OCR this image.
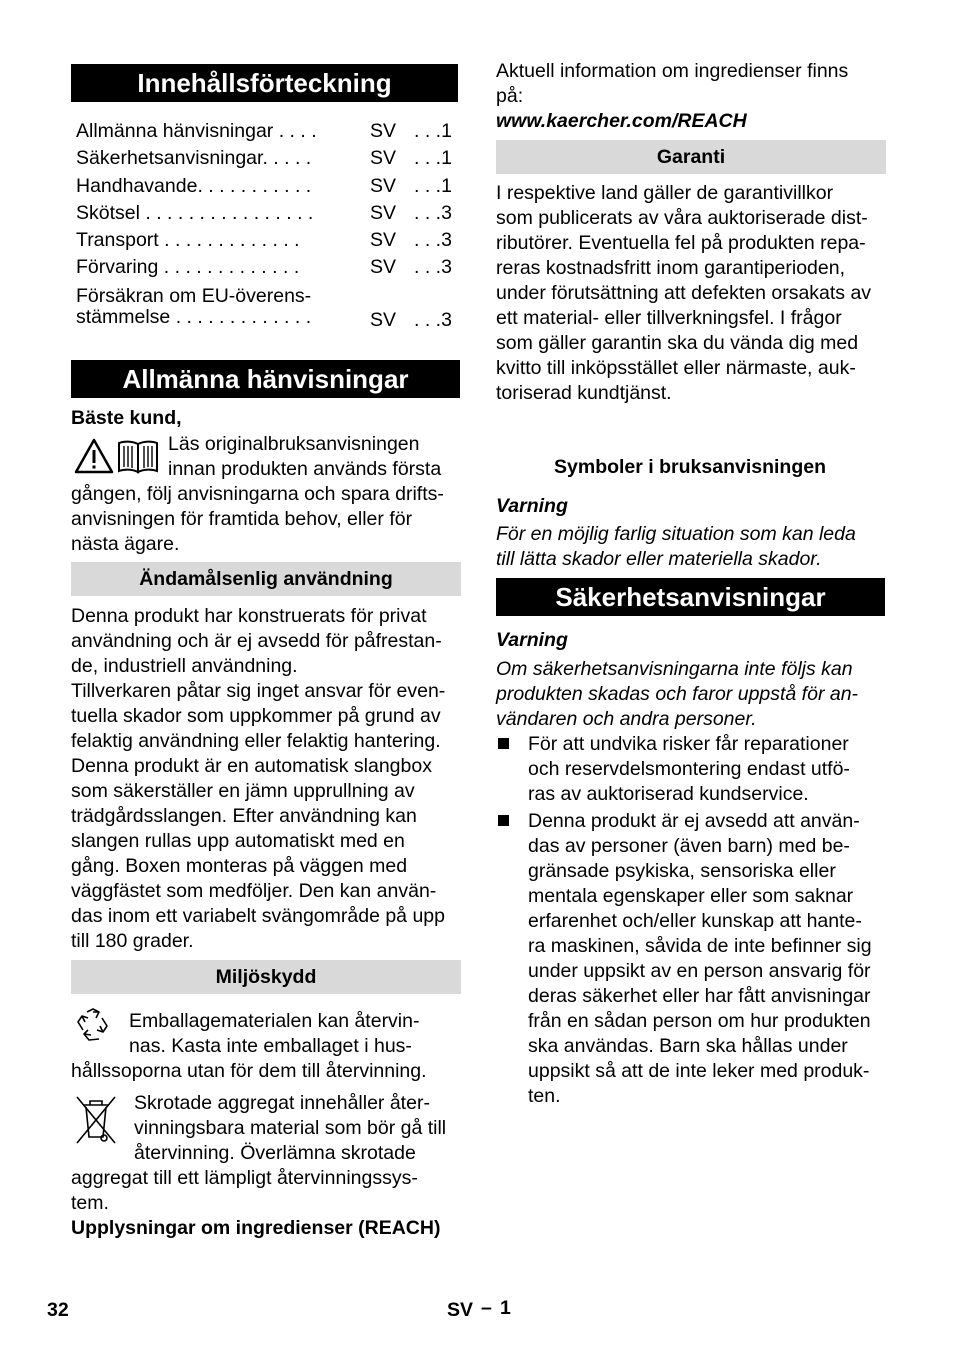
Innehållsförteckning
Allmänna hänvisningar . . . .	SV . . .1
Säkerhetsanvisningar. . . . .	SV . . .1
Handhavande. . . . . . . . . . .	SV . . .1
Skötsel . . . . . . . . . . . . . . . .	SV . . .3
Transport . . . . . . . . . . . . .	SV . . .3
Förvaring . . . . . . . . . . . . .	SV . . .3
Försäkran om EU-överens-
stämmelse . . . . . . . . . . . . .	SV . . .3
Allmänna hänvisningar
Bäste kund,
Läs originalbruksanvisningen
innan produkten används första
gången, följ anvisningarna och spara drifts-
anvisningen för framtida behov, eller för
nästa ägare.
Ändamålsenlig användning
Denna produkt har konstruerats för privat
användning och är ej avsedd för påfrestan-
de, industriell användning.
Tillverkaren påtar sig inget ansvar för even-
tuella skador som uppkommer på grund av
felaktig användning eller felaktig hantering.
Denna produkt är en automatisk slangbox
som säkerställer en jämn upprullning av
trädgårdsslangen. Efter användning kan
slangen rullas upp automatiskt med en
gång. Boxen monteras på väggen med
väggfästet som medföljer. Den kan använ-
das inom ett variabelt svängområde på upp
till 180 grader.
Miljöskydd
Emballagematerialen kan återvin-
nas. Kasta inte emballaget i hus-
hållssoporna utan för dem till återvinning.
Skrotade aggregat innehåller åter-
vinningsbara material som bör gå till
återvinning. Överlämna skrotade
aggregat till ett lämpligt återvinningssys-
tem.
Upplysningar om ingredienser (REACH)
Aktuell information om ingredienser finns
på:
www.kaercher.com/REACH
Garanti
I respektive land gäller de garantivillkor
som publicerats av våra auktoriserade dist-
ributörer. Eventuella fel på produkten repa-
reras kostnadsfritt inom garantiperioden,
under förutsättning att defekten orsakats av
ett material- eller tillverkningsfel. I frågor
som gäller garantin ska du vända dig med
kvitto till inköpsstället eller närmaste, auk-
toriserad kundtjänst.
Symboler i bruksanvisningen
Varning
För en möjlig farlig situation som kan leda
till lätta skador eller materiella skador.
Säkerhetsanvisningar
Varning
Om säkerhetsanvisningarna inte följs kan
produkten skadas och faror uppstå för an-
vändaren och andra personer.
För att undvika risker får reparationer
och reservdelsmontering endast utfö-
ras av auktoriserad kundservice.
Denna produkt är ej avsedd att använ-
das av personer (även barn) med be-
gränsade psykiska, sensoriska eller
mentala egenskaper eller som saknar
erfarenhet och/eller kunskap att hante-
ra maskinen, såvida de inte befinner sig
under uppsikt av en person ansvarig för
deras säkerhet eller har fått anvisningar
från en sådan person om hur produkten
ska användas. Barn ska hållas under
uppsikt så att de inte leker med produk-
ten.
32	SV – 1
